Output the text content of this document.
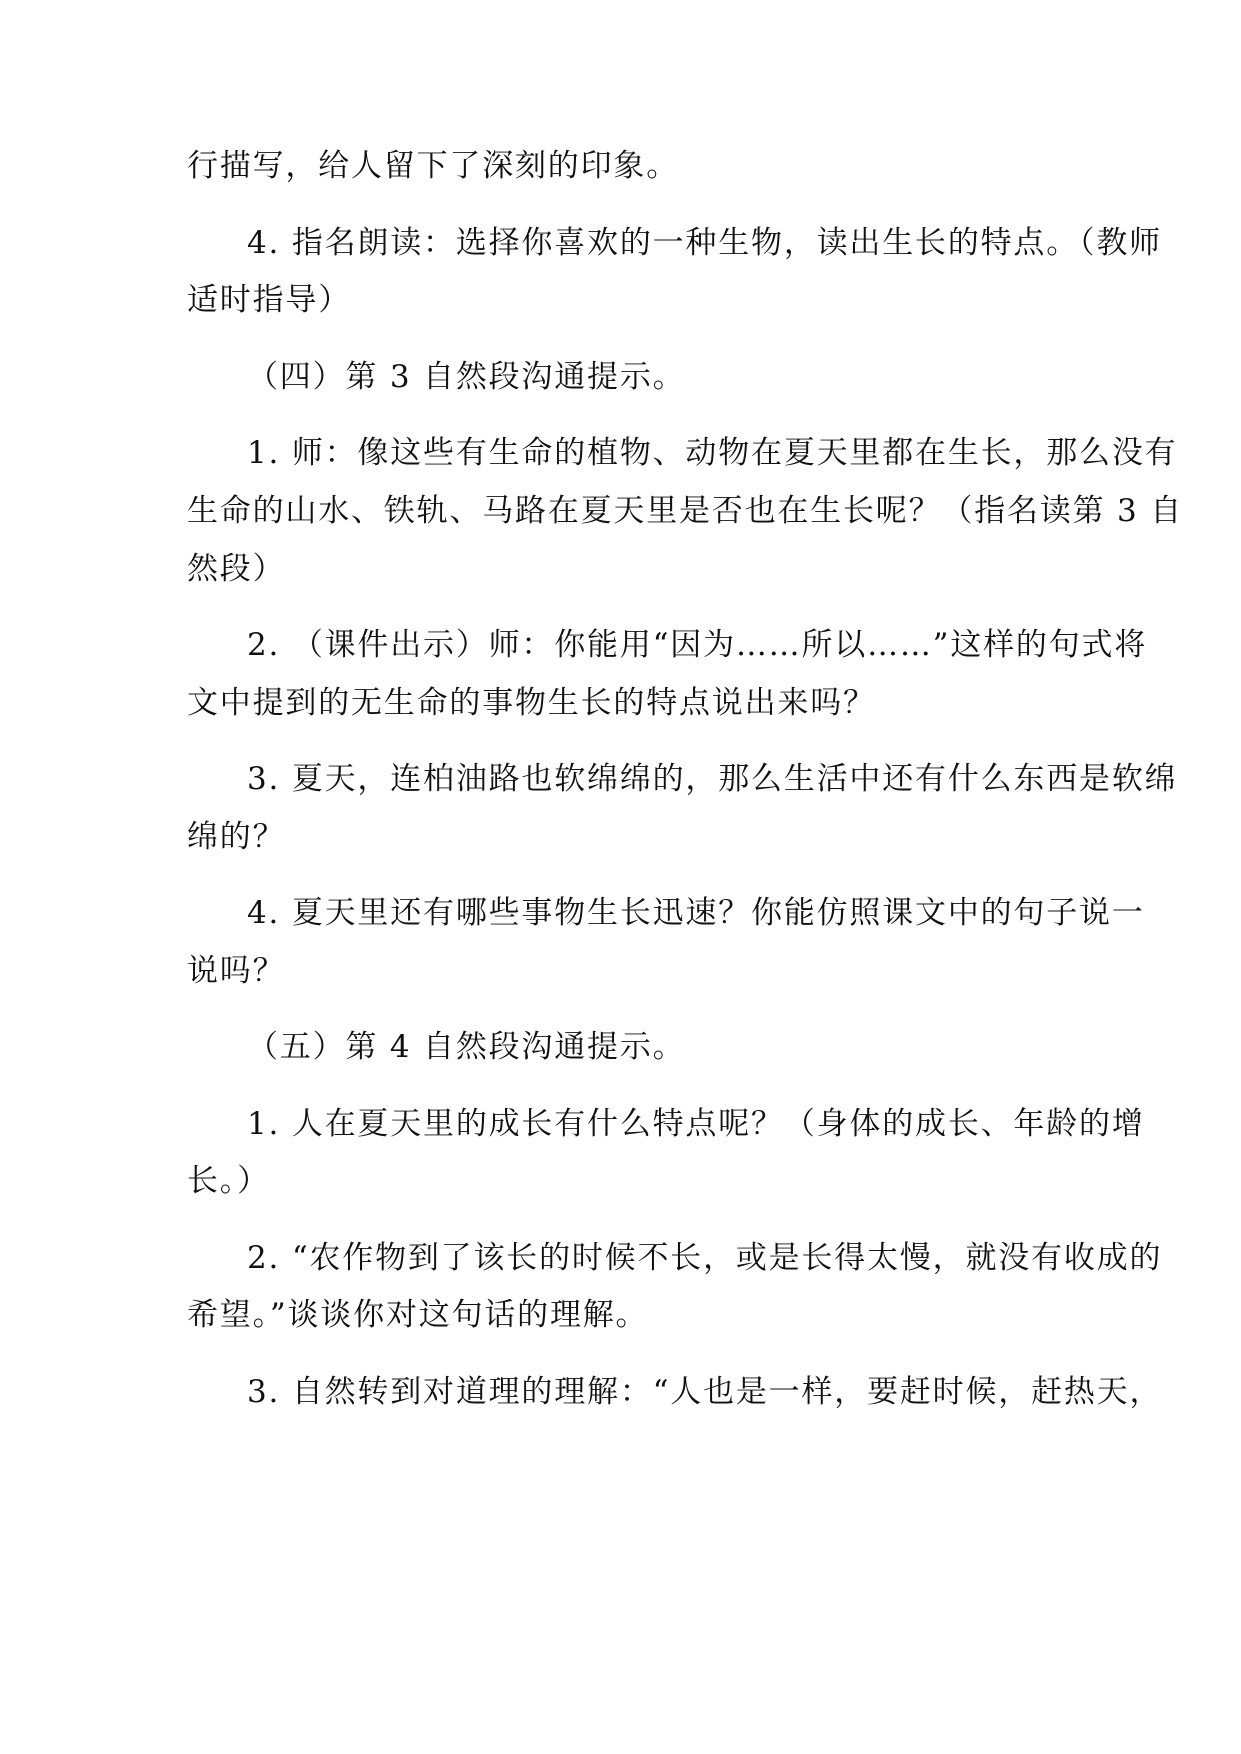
行描写，给人留下了深刻的印象。

4. 指名朗读：选择你喜欢的一种生物，读出生长的特点。（教师

适时指导）

（四）第 3 自然段沟通提示。

1. 师：像这些有生命的植物、动物在夏天里都在生长，那么没有

生命的山水、铁轨、马路在夏天里是否也在生长呢？（指名读第 3 自

然段）

2. （课件出示）师：你能用“因为……所以……”这样的句式将

文中提到的无生命的事物生长的特点说出来吗？

3. 夏天，连柏油路也软绵绵的，那么生活中还有什么东西是软绵

绵的？

4. 夏天里还有哪些事物生长迅速？你能仿照课文中的句子说一

说吗？

（五）第 4 自然段沟通提示。

1. 人在夏天里的成长有什么特点呢？（身体的成长、年龄的增

长。）

2. “农作物到了该长的时候不长，或是长得太慢，就没有收成的

希望。”谈谈你对这句话的理解。

3. 自然转到对道理的理解：“人也是一样，要赶时候，赶热天，
